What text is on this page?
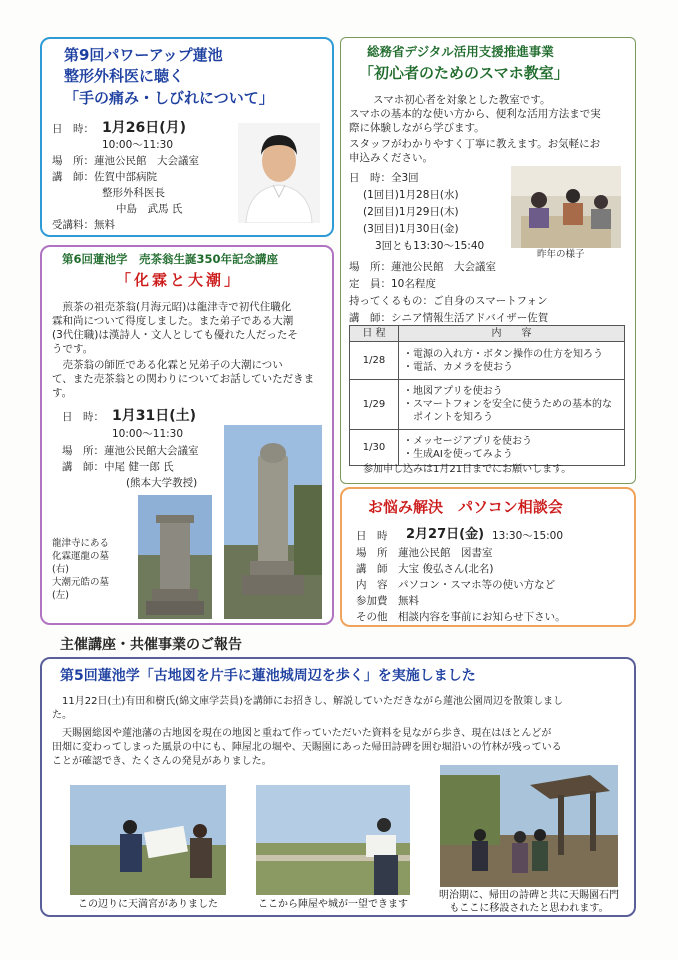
第9回パワーアップ蓮池
整形外科医に聴く
「手の痛み・しびれについて」
日　時： 1月26日(月)
10:00～11:30
場　所：蓮池公民館　大会議室
講　師：佐賀中部病院
整形外科医長
中島　武馬 氏
受講料：無料
第6回蓮池学　売茶翁生誕350年記念講座
「化霖と大潮」
　煎茶の祖売茶翁(月海元昭)は龍津寺で初代住職化
霖和尚について得度しました。また弟子である大潮
(3代住職)は漢詩人・文人としても優れた人だったそ
うです。
　売茶翁の師匠である化霖と兄弟子の大潮につい
て、また売茶翁との関わりについてお話していただきま
す。
日　時： 1月31日(土)
10:00～11:30
場　所：蓮池公民館大会議室
講　師：中尾 健一郎 氏
(熊本大学教授)
龍津寺にある
化霖運龍の墓
(右)
大潮元皓の墓
(左)
総務省デジタル活用支援推進事業
「初心者のためのスマホ教室」
スマホ初心者を対象とした教室です。
スマホの基本的な使い方から、便利な活用方法まで実
際に体験しながら学びます。
スタッフがわかりやすく丁寧に教えます。お気軽にお
申込みください。
日　時：全3回
(1回目)1月28日(水)
(2回目)1月29日(木)
(3回目)1月30日(金)
3回とも13:30～15:40
昨年の様子
場　所：蓮池公民館　大会議室
定　員：10名程度
持ってくるもの：ご自身のスマートフォン
講　師：シニア情報生活アドバイザー佐賀
日 程	内　　容
1/28	・電源の入れ方・ボタン操作の仕方を知ろう
・電話、カメラを使おう

1/29	・地図アプリを使おう
・スマートフォンを安全に使うための基本的な
　ポイントを知ろう

1/30	・メッセージアプリを使おう
・生成AIを使ってみよう
参加申し込みは1月21日までにお願いします。
お悩み解決　パソコン相談会
日　時 2月27日(金) 13:30～15:00
場　所　蓮池公民館　図書室
講　師　大宝 俊弘さん(北名)
内　容　パソコン・スマホ等の使い方など
参加費　無料
その他　相談内容を事前にお知らせ下さい。
主催講座・共催事業のご報告
第5回蓮池学「古地図を片手に蓮池城周辺を歩く」を実施しました
　11月22日(土)有田和樹氏(綿文庫学芸員)を講師にお招きし、解説していただきながら蓮池公園周辺を散策しまし
た。
　天賜園総図や蓮池藩の古地図を現在の地図と重ねて作っていただいた資料を見ながら歩き、現在はほとんどが
田畑に変わってしまった風景の中にも、陣屋北の堀や、天賜園にあった帰田詩碑を囲む堀沿いの竹林が残っている
ことが確認でき、たくさんの発見がありました。
この辺りに天満宮がありました	ここから陣屋や城が一望できます
明治期に、帰田の詩碑と共に天賜園石門
もここに移設されたと思われます。
